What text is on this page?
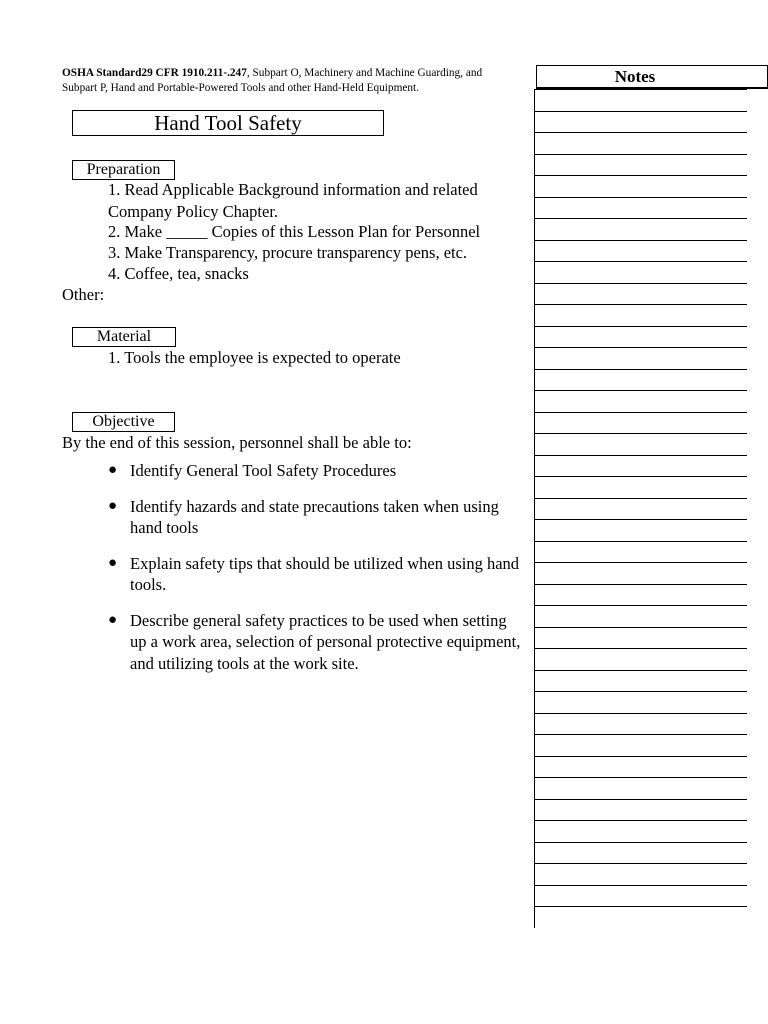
OSHA Standard29 CFR 1910.211-.247, Subpart O, Machinery and Machine Guarding, and Subpart P, Hand and Portable-Powered Tools and other Hand-Held Equipment.
Hand Tool Safety
Preparation
1. Read Applicable Background information and related
Company Policy Chapter.
2. Make _____ Copies of this Lesson Plan for Personnel
3. Make Transparency, procure transparency pens, etc.
4. Coffee, tea, snacks
Other:
Material
1. Tools the employee is expected to operate
Objective
By the end of this session, personnel shall be able to:
● Identify General Tool Safety Procedures
● Identify hazards and state precautions taken when using hand tools
● Explain safety tips that should be utilized when using hand tools.
● Describe general safety practices to be used when setting up a work area, selection of personal protective equipment, and utilizing tools at the work site.
Notes
